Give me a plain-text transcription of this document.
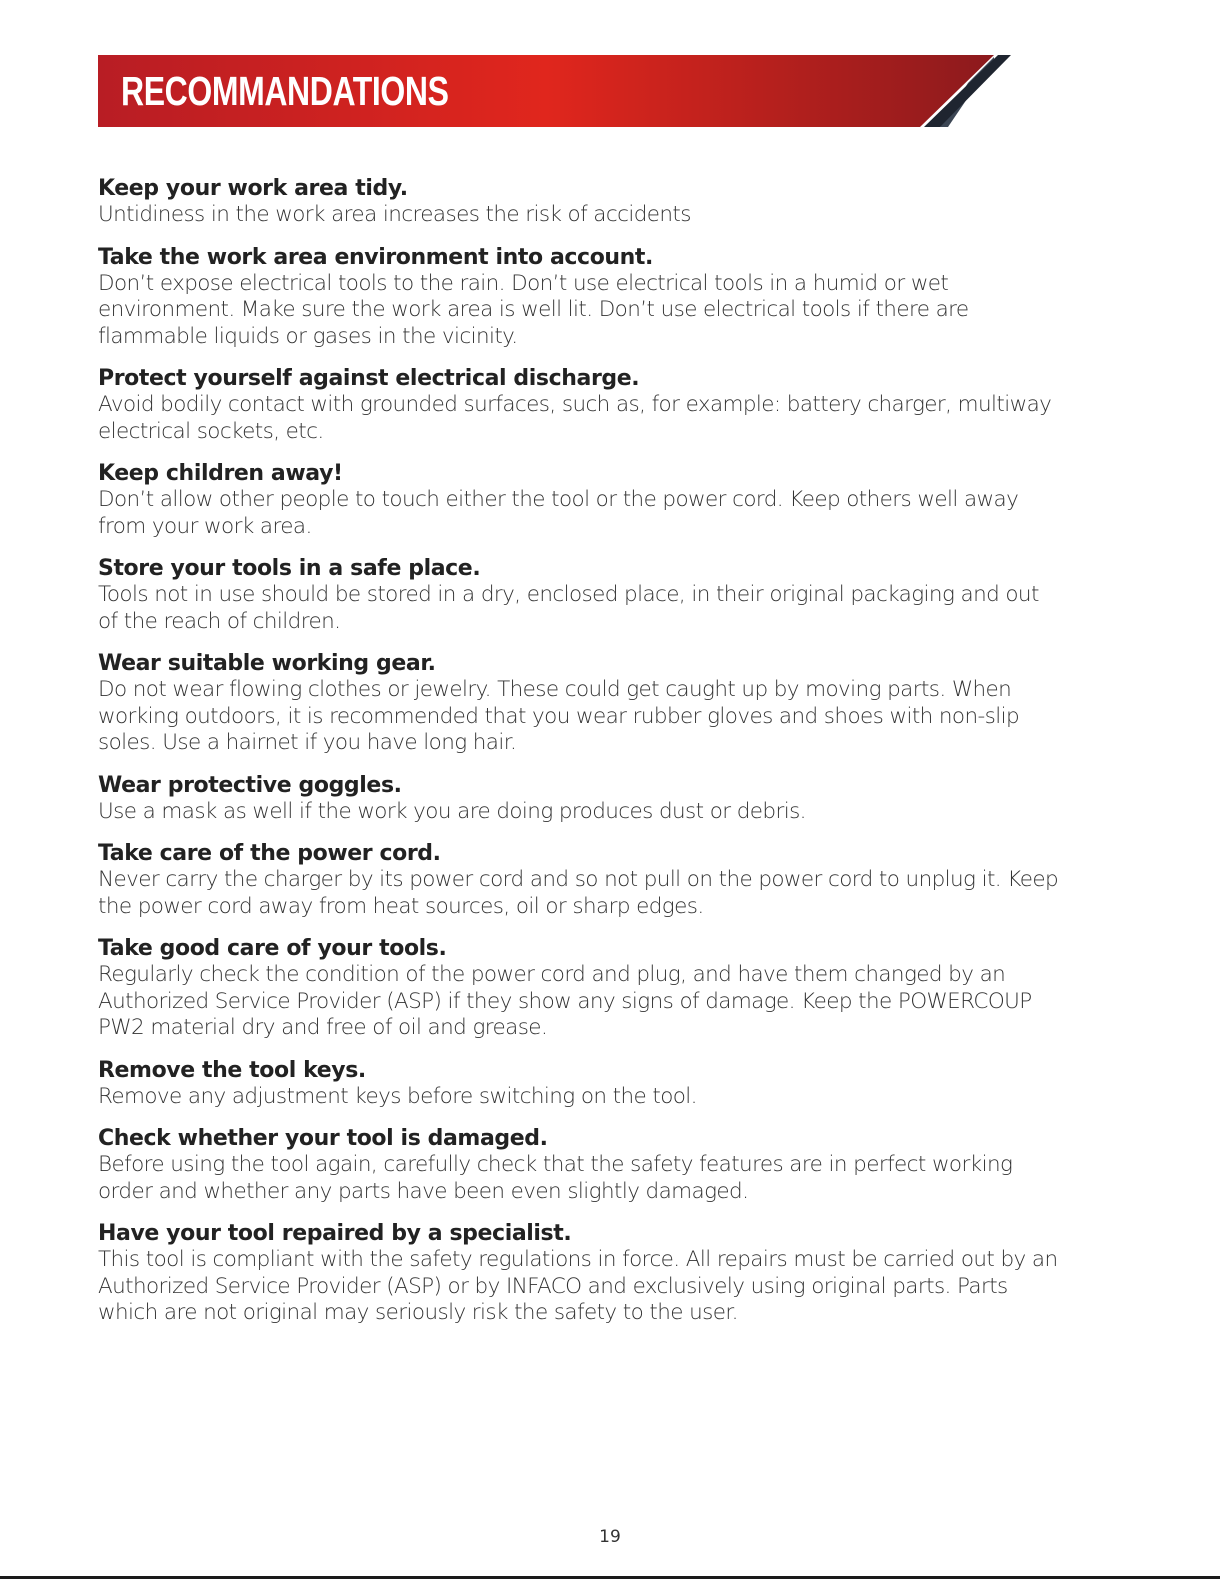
RECOMMANDATIONS
Keep your work area tidy.

Untidiness in the work area increases the risk of accidents

Take the work area environment into account.

Don’t expose electrical tools to the rain. Don’t use electrical tools in a humid or wet environment. Make sure the work area is well lit. Don’t use electrical tools if there are flammable liquids or gases in the vicinity.

Protect yourself against electrical discharge.

Avoid bodily contact with grounded surfaces, such as, for example: battery charger, multiway electrical sockets, etc.

Keep children away!

Don’t allow other people to touch either the tool or the power cord. Keep others well away from your work area.

Store your tools in a safe place.

Tools not in use should be stored in a dry, enclosed place, in their original packaging and out of the reach of children.

Wear suitable working gear.

Do not wear flowing clothes or jewelry. These could get caught up by moving parts. When working outdoors, it is recommended that you wear rubber gloves and shoes with non-slip soles. Use a hairnet if you have long hair.

Wear protective goggles.

Use a mask as well if the work you are doing produces dust or debris.

Take care of the power cord.

Never carry the charger by its power cord and so not pull on the power cord to unplug it. Keep the power cord away from heat sources, oil or sharp edges.

Take good care of your tools.

Regularly check the condition of the power cord and plug, and have them changed by an Authorized Service Provider (ASP) if they show any signs of damage. Keep the POWERCOUP PW2 material dry and free of oil and grease.

Remove the tool keys.

Remove any adjustment keys before switching on the tool.

Check whether your tool is damaged.

Before using the tool again, carefully check that the safety features are in perfect working order and whether any parts have been even slightly damaged.

Have your tool repaired by a specialist.

This tool is compliant with the safety regulations in force. All repairs must be carried out by an Authorized Service Provider (ASP) or by INFACO and exclusively using original parts. Parts which are not original may seriously risk the safety to the user.

19
